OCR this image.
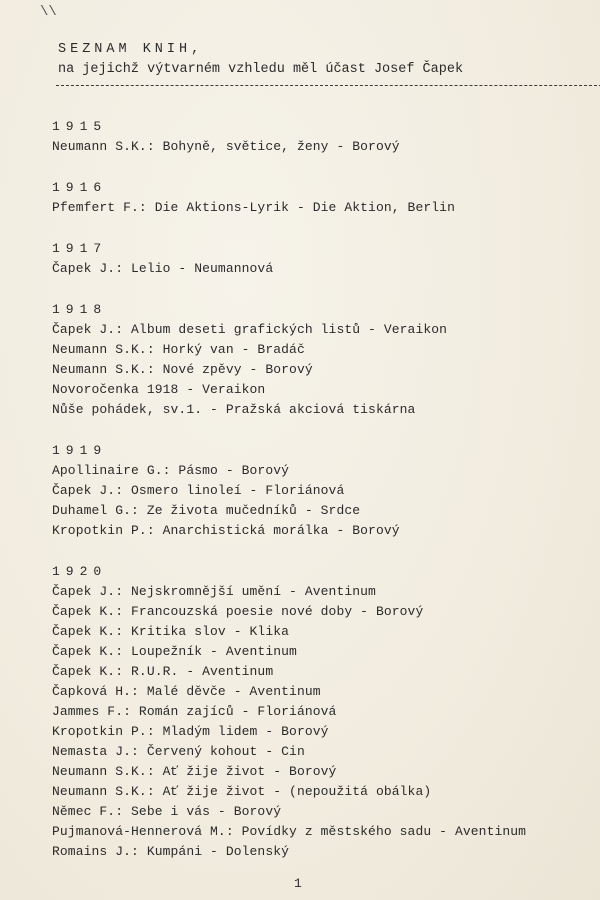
\\
SEZNAM KNIH,
na jejichž výtvarném vzhledu měl účast Josef Čapek
1915
Neumann S.K.: Bohyně, světice, ženy - Borový
1916
Pfemfert F.: Die Aktions-Lyrik - Die Aktion, Berlin
1917
Čapek J.: Lelio - Neumannová
1918
Čapek J.: Album deseti grafických listů - Veraikon
Neumann S.K.: Horký van - Bradáč
Neumann S.K.: Nové zpěvy - Borový
Novoročenka 1918 - Veraikon
Nůše pohádek, sv.1. - Pražská akciová tiskárna
1919
Apollinaire G.: Pásmo - Borový
Čapek J.: Osmero linoleí - Floriánová
Duhamel G.: Ze života mučedníků - Srdce
Kropotkin P.: Anarchistická morálka - Borový
1920
Čapek J.: Nejskromnější umění - Aventinum
Čapek K.: Francouzská poesie nové doby - Borový
Čapek K.: Kritika slov - Klika
Čapek K.: Loupežník - Aventinum
Čapek K.: R.U.R. - Aventinum
Čapková H.: Malé děvče - Aventinum
Jammes F.: Román zajíců - Floriánová
Kropotkin P.: Mladým lidem - Borový
Nemasta J.: Červený kohout - Cin
Neumann S.K.: Ať žije život - Borový
Neumann S.K.: Ať žije život - (nepoužitá obálka)
Němec F.: Sebe i vás - Borový
Pujmanová-Hennerová M.: Povídky z městského sadu - Aventinum
Romains J.: Kumpáni - Dolenský
1
